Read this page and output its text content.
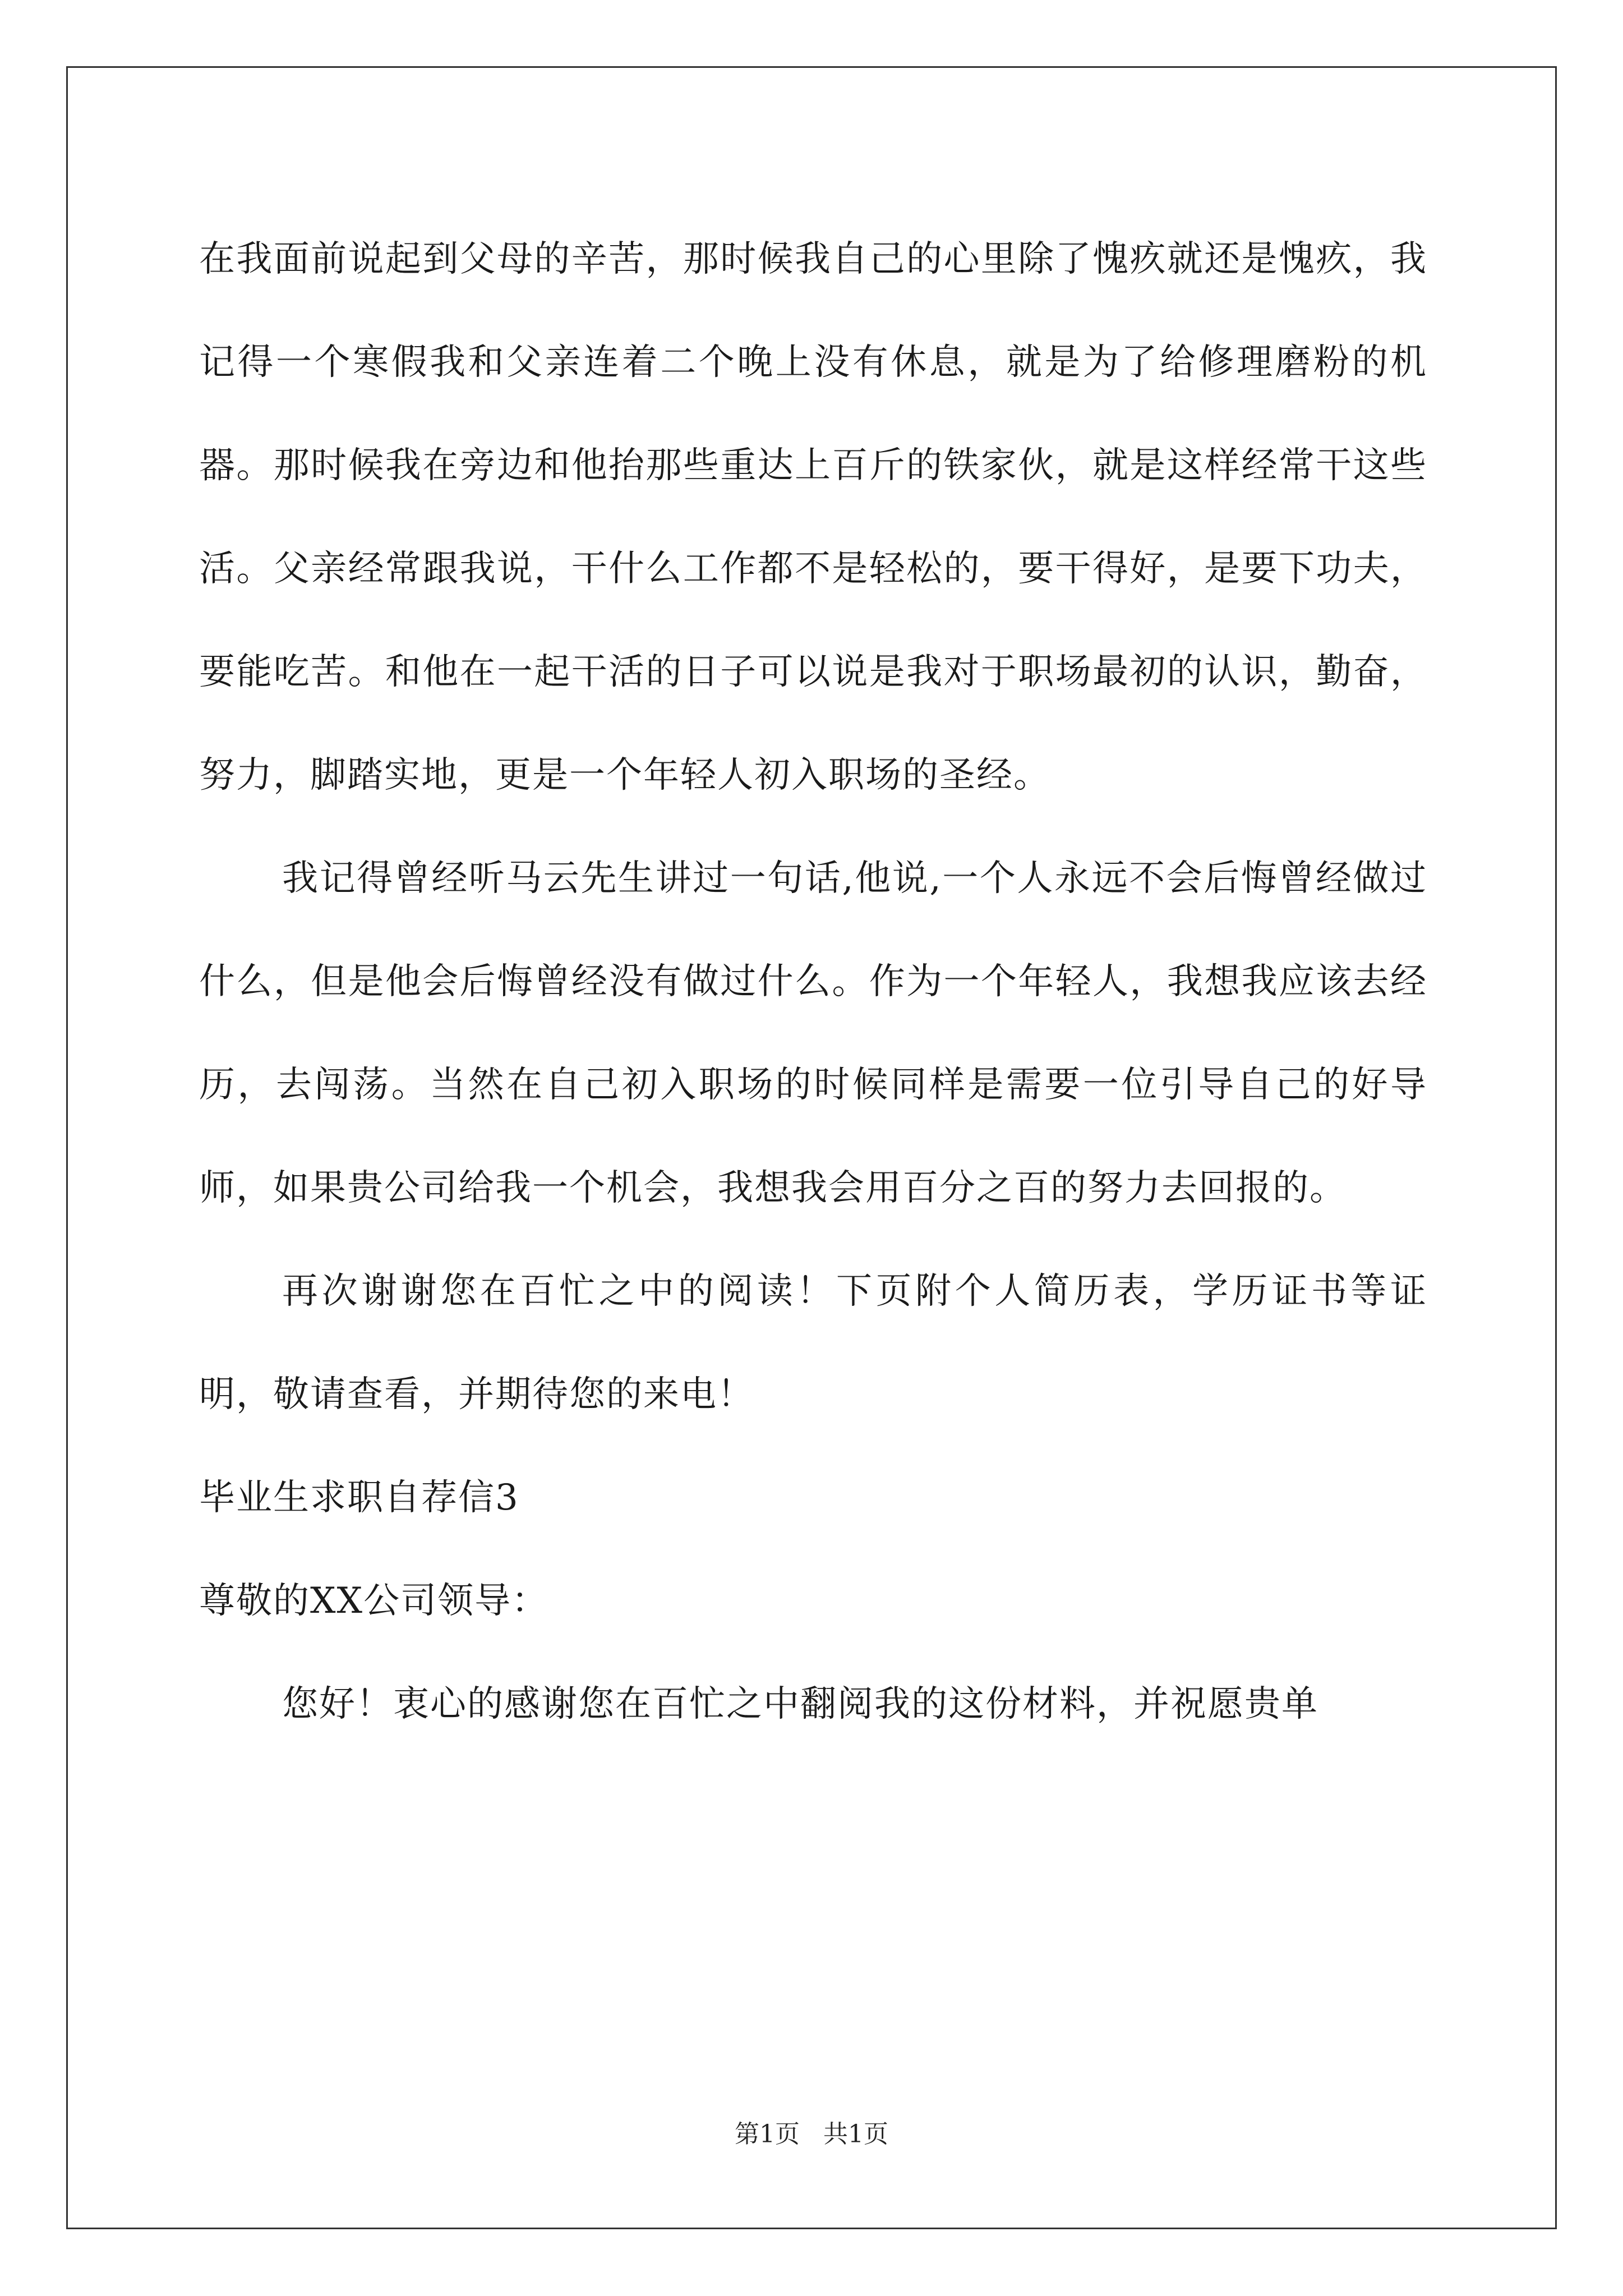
在我面前说起到父母的辛苦，那时候我自己的心里除了愧疚就还是愧疚，我记得一个寒假我和父亲连着二个晚上没有休息，就是为了给修理磨粉的机器。那时候我在旁边和他抬那些重达上百斤的铁家伙，就是这样经常干这些活。父亲经常跟我说，干什么工作都不是轻松的，要干得好，是要下功夫，要能吃苦。和他在一起干活的日子可以说是我对于职场最初的认识，勤奋，努力，脚踏实地，更是一个年轻人初入职场的圣经。

我记得曾经听马云先生讲过一句话,他说,一个人永远不会后悔曾经做过什么，但是他会后悔曾经没有做过什么。作为一个年轻人，我想我应该去经历，去闯荡。当然在自己初入职场的时候同样是需要一位引导自己的好导师，如果贵公司给我一个机会，我想我会用百分之百的努力去回报的。

再次谢谢您在百忙之中的阅读！下页附个人简历表，学历证书等证明，敬请查看，并期待您的来电！

毕业生求职自荐信3

尊敬的XX公司领导：

您好！衷心的感谢您在百忙之中翻阅我的这份材料，并祝愿贵单

第1页 共1页
